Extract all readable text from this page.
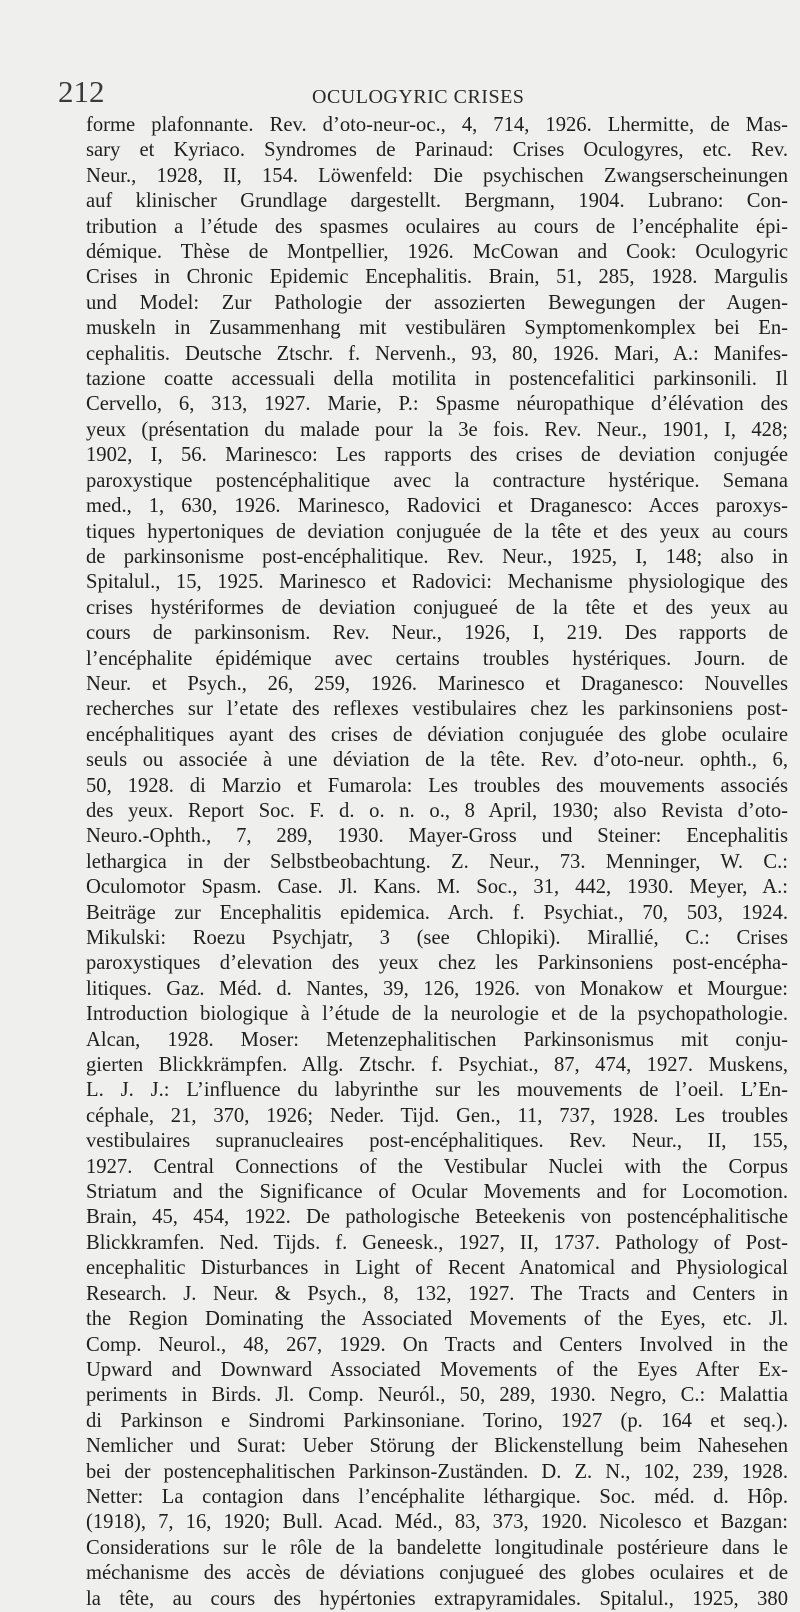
212	OCULOGYRIC CRISES
forme plafonnante. Rev. d’oto-neur-oc., 4, 714, 1926. Lhermitte, de Mas-
sary et Kyriaco. Syndromes de Parinaud: Crises Oculogyres, etc. Rev.
Neur., 1928, II, 154. Löwenfeld: Die psychischen Zwangserscheinungen
auf klinischer Grundlage dargestellt. Bergmann, 1904. Lubrano: Con-
tribution a l’étude des spasmes oculaires au cours de l’encéphalite épi-
démique. Thèse de Montpellier, 1926. McCowan and Cook: Oculogyric
Crises in Chronic Epidemic Encephalitis. Brain, 51, 285, 1928. Margulis
und Model: Zur Pathologie der assozierten Bewegungen der Augen-
muskeln in Zusammenhang mit vestibulären Symptomenkomplex bei En-
cephalitis. Deutsche Ztschr. f. Nervenh., 93, 80, 1926. Mari, A.: Manifes-
tazione coatte accessuali della motilita in postencefalitici parkinsonili. Il
Cervello, 6, 313, 1927. Marie, P.: Spasme néuropathique d’élévation des
yeux (présentation du malade pour la 3e fois. Rev. Neur., 1901, I, 428;
1902, I, 56. Marinesco: Les rapports des crises de deviation conjugée
paroxystique postencéphalitique avec la contracture hystérique. Semana
med., 1, 630, 1926. Marinesco, Radovici et Draganesco: Acces paroxys-
tiques hypertoniques de deviation conjuguée de la tête et des yeux au cours
de parkinsonisme post-encéphalitique. Rev. Neur., 1925, I, 148; also in
Spitalul., 15, 1925. Marinesco et Radovici: Mechanisme physiologique des
crises hystériformes de deviation conjugueé de la tête et des yeux au
cours de parkinsonism. Rev. Neur., 1926, I, 219. Des rapports de
l’encéphalite épidémique avec certains troubles hystériques. Journ. de
Neur. et Psych., 26, 259, 1926. Marinesco et Draganesco: Nouvelles
recherches sur l’etate des reflexes vestibulaires chez les parkinsoniens post-
encéphalitiques ayant des crises de déviation conjuguée des globe oculaire
seuls ou associée à une déviation de la tête. Rev. d’oto-neur. ophth., 6,
50, 1928. di Marzio et Fumarola: Les troubles des mouvements associés
des yeux. Report Soc. F. d. o. n. o., 8 April, 1930; also Revista d’oto-
Neuro.-Ophth., 7, 289, 1930. Mayer-Gross und Steiner: Encephalitis
lethargica in der Selbstbeobachtung. Z. Neur., 73. Menninger, W. C.:
Oculomotor Spasm. Case. Jl. Kans. M. Soc., 31, 442, 1930. Meyer, A.:
Beiträge zur Encephalitis epidemica. Arch. f. Psychiat., 70, 503, 1924.
Mikulski: Roezu Psychjatr, 3 (see Chlopiki). Mirallié, C.: Crises
paroxystiques d’elevation des yeux chez les Parkinsoniens post-encépha-
litiques. Gaz. Méd. d. Nantes, 39, 126, 1926. von Monakow et Mourgue:
Introduction biologique à l’étude de la neurologie et de la psychopathologie.
Alcan, 1928. Moser: Metenzephalitischen Parkinsonismus mit conju-
gierten Blickkrämpfen. Allg. Ztschr. f. Psychiat., 87, 474, 1927. Muskens,
L. J. J.: L’influence du labyrinthe sur les mouvements de l’oeil. L’En-
céphale, 21, 370, 1926; Neder. Tijd. Gen., 11, 737, 1928. Les troubles
vestibulaires supranucleaires post-encéphalitiques. Rev. Neur., II, 155,
1927. Central Connections of the Vestibular Nuclei with the Corpus
Striatum and the Significance of Ocular Movements and for Locomotion.
Brain, 45, 454, 1922. De pathologische Beteekenis von postencéphalitische
Blickkramfen. Ned. Tijds. f. Geneesk., 1927, II, 1737. Pathology of Post-
encephalitic Disturbances in Light of Recent Anatomical and Physiological
Research. J. Neur. & Psych., 8, 132, 1927. The Tracts and Centers in
the Region Dominating the Associated Movements of the Eyes, etc. Jl.
Comp. Neurol., 48, 267, 1929. On Tracts and Centers Involved in the
Upward and Downward Associated Movements of the Eyes After Ex-
periments in Birds. Jl. Comp. Neuról., 50, 289, 1930. Negro, C.: Malattia
di Parkinson e Sindromi Parkinsoniane. Torino, 1927 (p. 164 et seq.).
Nemlicher und Surat: Ueber Störung der Blickenstellung beim Nahesehen
bei der postencephalitischen Parkinson-Zuständen. D. Z. N., 102, 239, 1928.
Netter: La contagion dans l’encéphalite léthargique. Soc. méd. d. Hôp.
(1918), 7, 16, 1920; Bull. Acad. Méd., 83, 373, 1920. Nicolesco et Bazgan:
Considerations sur le rôle de la bandelette longitudinale postérieure dans le
méchanisme des accès de déviations conjugueé des globes oculaires et de
la tête, au cours des hypértonies extrapyramidales. Spitalul., 1925, 380
